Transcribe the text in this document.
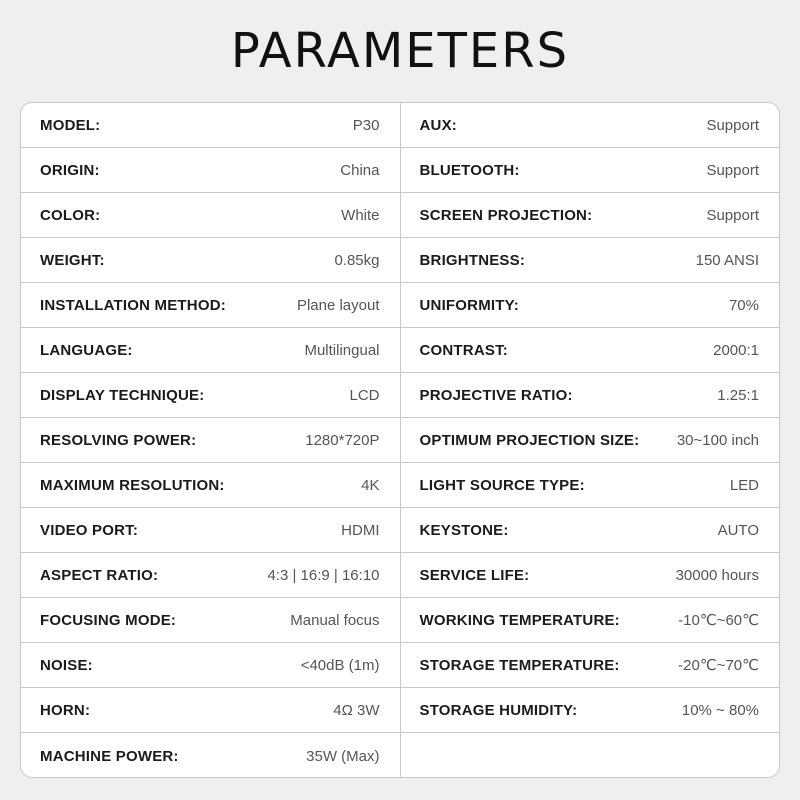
PARAMETERS
MODEL:	P30
ORIGIN:	China
COLOR:	White
WEIGHT:	0.85kg
INSTALLATION METHOD:	Plane layout
LANGUAGE:	Multilingual
DISPLAY TECHNIQUE:	LCD
RESOLVING POWER:	1280*720P
MAXIMUM RESOLUTION:	4K
VIDEO PORT:	HDMI
ASPECT RATIO:	4:3 | 16:9 | 16:10
FOCUSING MODE:	Manual focus
NOISE:	<40dB (1m)
HORN:	4Ω 3W
MACHINE POWER:	35W (Max)
AUX:	Support
BLUETOOTH:	Support
SCREEN PROJECTION:	Support
BRIGHTNESS:	150 ANSI
UNIFORMITY:	70%
CONTRAST:	2000:1
PROJECTIVE RATIO:	1.25:1
OPTIMUM PROJECTION SIZE:	30~100 inch
LIGHT SOURCE TYPE:	LED
KEYSTONE:	AUTO
SERVICE LIFE:	30000 hours
WORKING TEMPERATURE:	-10℃~60℃
STORAGE TEMPERATURE:	-20℃~70℃
STORAGE HUMIDITY:	10% ~ 80%
